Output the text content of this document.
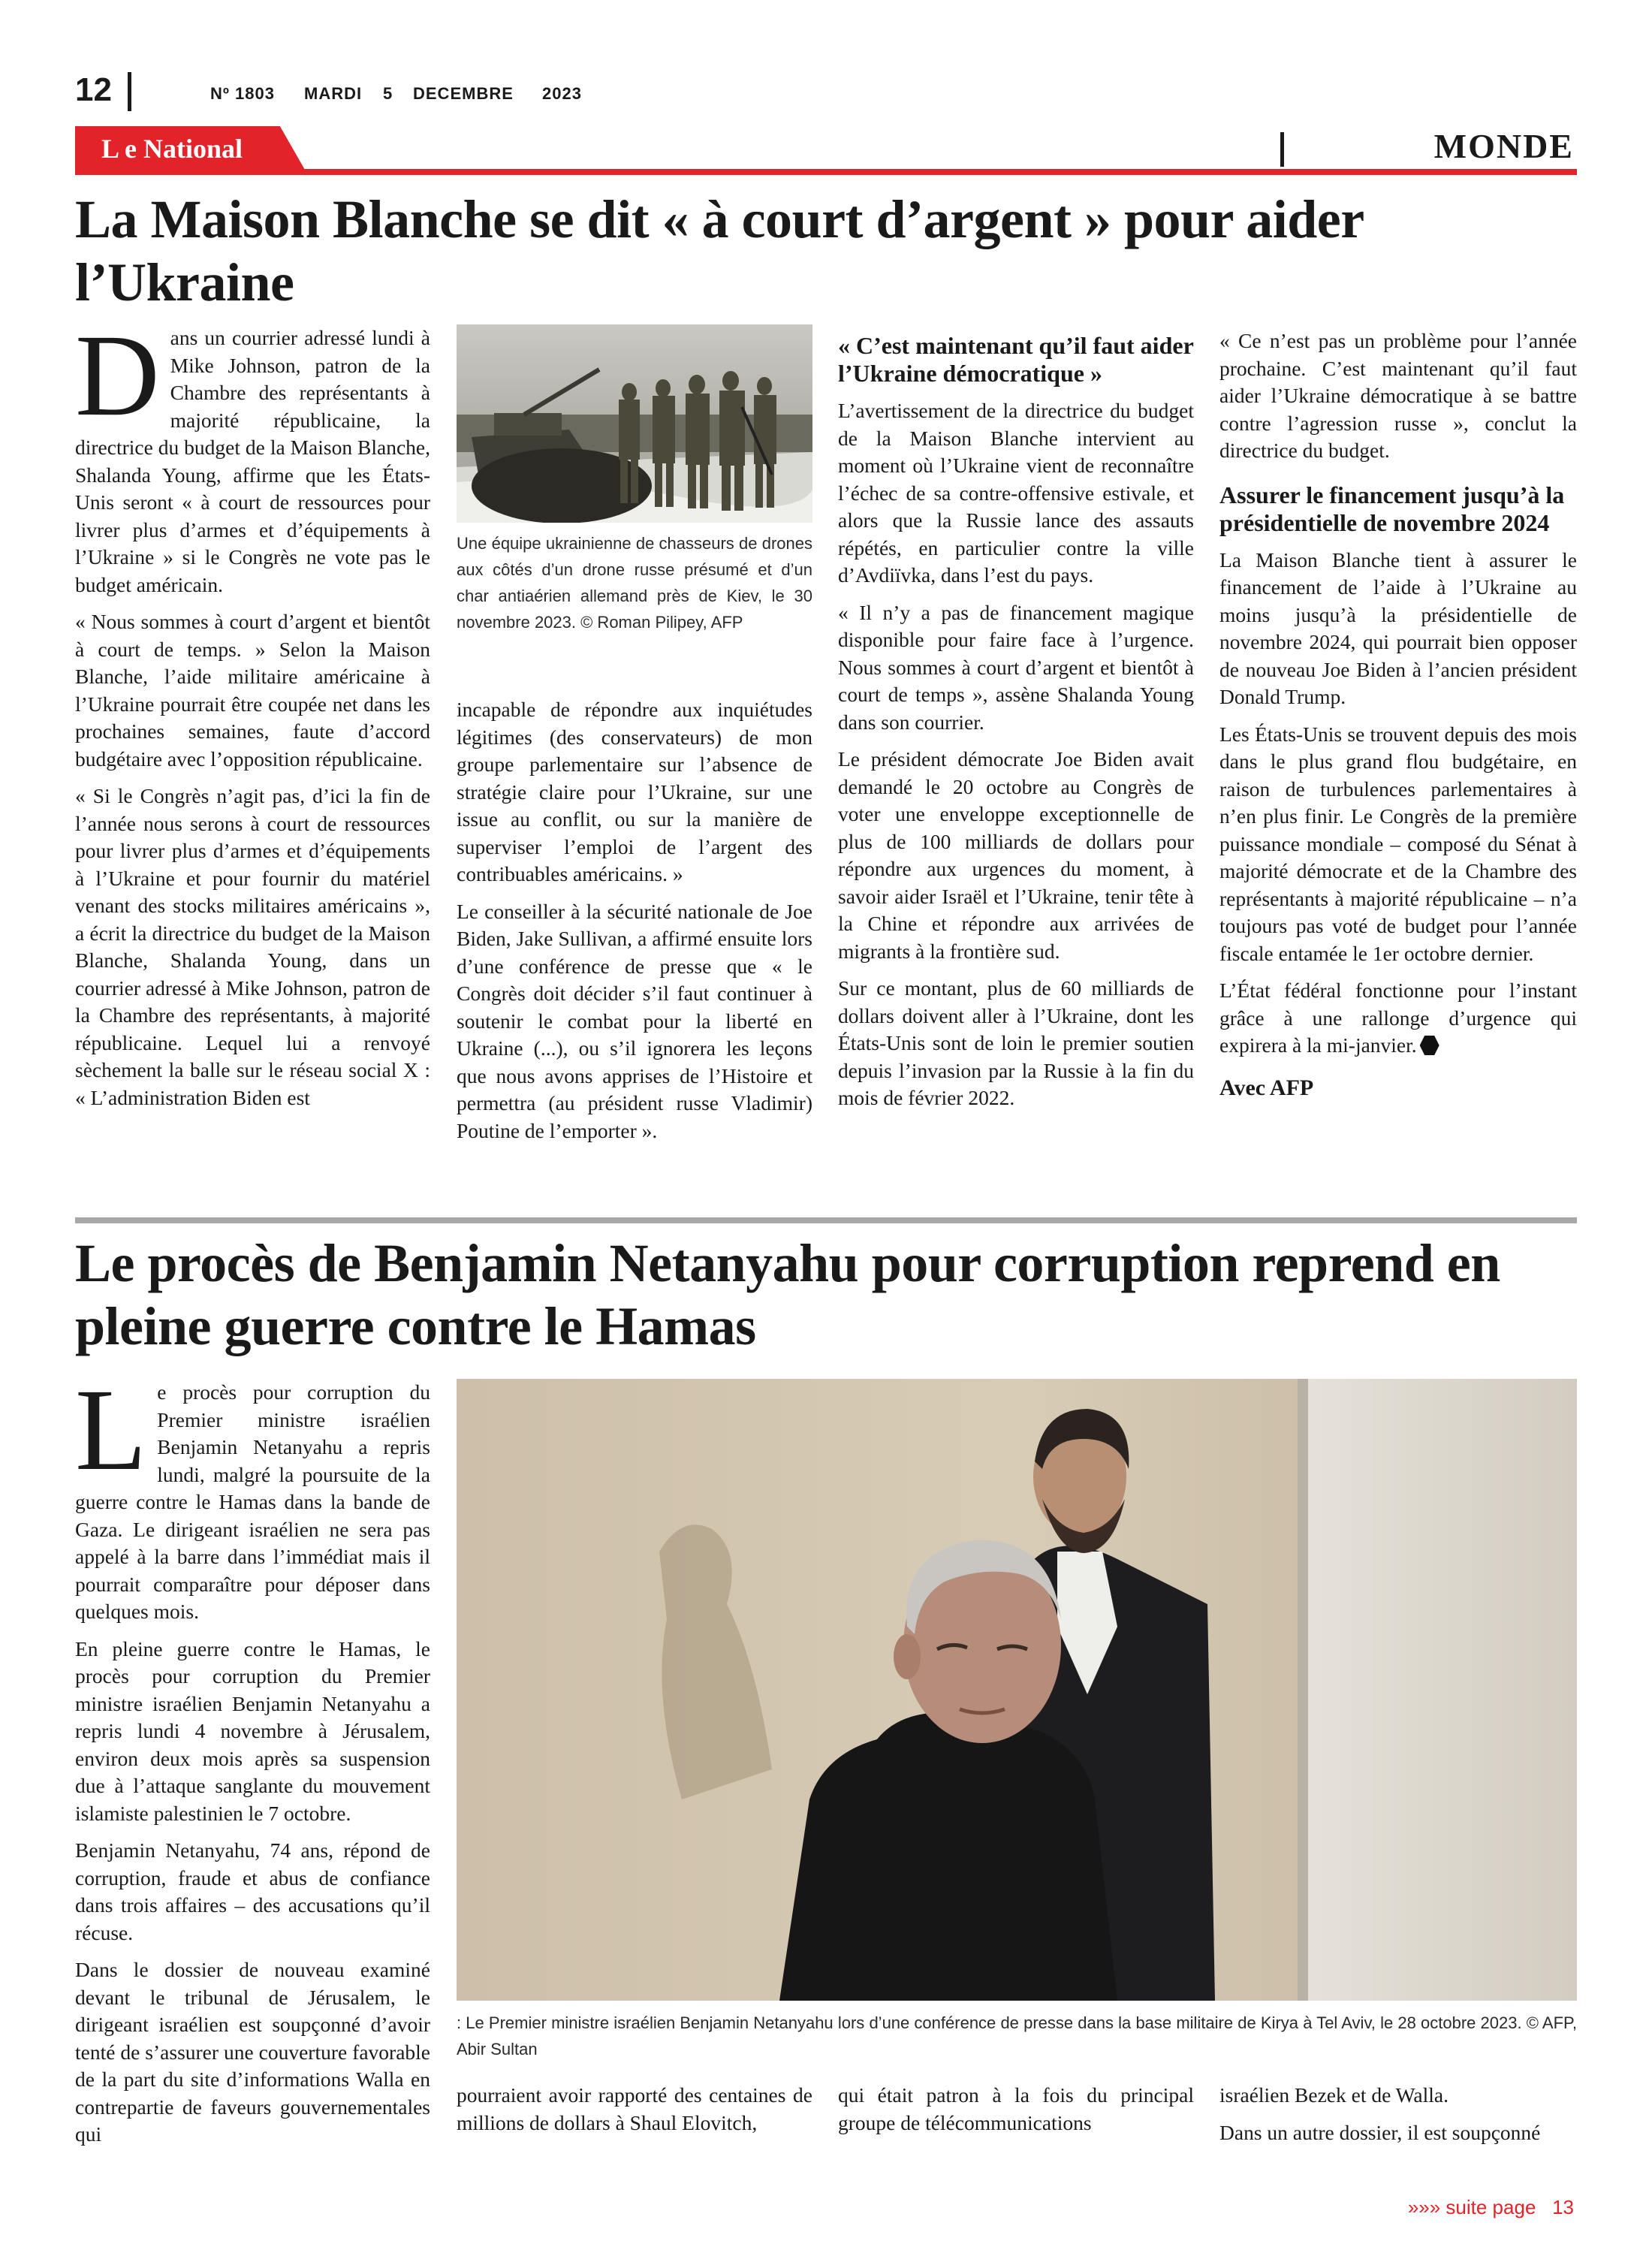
12	Nº 1803 MARDI 5 DECEMBRE 2023
L e National	MONDE
La Maison Blanche se dit « à court d’argent » pour aider l’Ukraine

Dans un courrier adressé lundi à Mike Johnson, patron de la Chambre des représentants à majorité républicaine, la directrice du budget de la Maison Blanche, Shalanda Young, affirme que les États-Unis seront « à court de ressources pour livrer plus d’armes et d’équipements à l’Ukraine » si le Congrès ne vote pas le budget américain.

« Nous sommes à court d’argent et bientôt à court de temps. » Selon la Maison Blanche, l’aide militaire américaine à l’Ukraine pourrait être coupée net dans les prochaines semaines, faute d’accord budgétaire avec l’opposition républicaine.

« Si le Congrès n’agit pas, d’ici la fin de l’année nous serons à court de ressources pour livrer plus d’armes et d’équipements à l’Ukraine et pour fournir du matériel venant des stocks militaires américains », a écrit la directrice du budget de la Maison Blanche, Shalanda Young, dans un courrier adressé à Mike Johnson, patron de la Chambre des représentants, à majorité républicaine. Lequel lui a renvoyé sèchement la balle sur le réseau social X : « L’administration Biden est

Une équipe ukrainienne de chasseurs de drones aux côtés d’un drone russe présumé et d’un char antiaérien allemand près de Kiev, le 30 novembre 2023. © Roman Pilipey, AFP

incapable de répondre aux inquiétudes légitimes (des conservateurs) de mon groupe parlementaire sur l’absence de stratégie claire pour l’Ukraine, sur une issue au conflit, ou sur la manière de superviser l’emploi de l’argent des contribuables américains. »

Le conseiller à la sécurité nationale de Joe Biden, Jake Sullivan, a affirmé ensuite lors d’une conférence de presse que « le Congrès doit décider s’il faut continuer à soutenir le combat pour la liberté en Ukraine (...), ou s’il ignorera les leçons que nous avons apprises de l’Histoire et permettra (au président russe Vladimir) Poutine de l’emporter ».

« C’est maintenant qu’il faut aider l’Ukraine démocratique »

L’avertissement de la directrice du budget de la Maison Blanche intervient au moment où l’Ukraine vient de reconnaître l’échec de sa contre-offensive estivale, et alors que la Russie lance des assauts répétés, en particulier contre la ville d’Avdiïvka, dans l’est du pays.

« Il n’y a pas de financement magique disponible pour faire face à l’urgence. Nous sommes à court d’argent et bientôt à court de temps », assène Shalanda Young dans son courrier.

Le président démocrate Joe Biden avait demandé le 20 octobre au Congrès de voter une enveloppe exceptionnelle de plus de 100 milliards de dollars pour répondre aux urgences du moment, à savoir aider Israël et l’Ukraine, tenir tête à la Chine et répondre aux arrivées de migrants à la frontière sud.

Sur ce montant, plus de 60 milliards de dollars doivent aller à l’Ukraine, dont les États-Unis sont de loin le premier soutien depuis l’invasion par la Russie à la fin du mois de février 2022.

« Ce n’est pas un problème pour l’année prochaine. C’est maintenant qu’il faut aider l’Ukraine démocratique à se battre contre l’agression russe », conclut la directrice du budget.

Assurer le financement jusqu’à la présidentielle de novembre 2024

La Maison Blanche tient à assurer le financement de l’aide à l’Ukraine au moins jusqu’à la présidentielle de novembre 2024, qui pourrait bien opposer de nouveau Joe Biden à l’ancien président Donald Trump.

Les États-Unis se trouvent depuis des mois dans le plus grand flou budgétaire, en raison de turbulences parlementaires à n’en plus finir. Le Congrès de la première puissance mondiale – composé du Sénat à majorité démocrate et de la Chambre des représentants à majorité républicaine – n’a toujours pas voté de budget pour l’année fiscale entamée le 1er octobre dernier.

L’État fédéral fonctionne pour l’instant grâce à une rallonge d’urgence qui expirera à la mi-janvier.

Avec AFP

Le procès de Benjamin Netanyahu pour corruption reprend en pleine guerre contre le Hamas

Le procès pour corruption du Premier ministre israélien Benjamin Netanyahu a repris lundi, malgré la poursuite de la guerre contre le Hamas dans la bande de Gaza. Le dirigeant israélien ne sera pas appelé à la barre dans l’immédiat mais il pourrait comparaître pour déposer dans quelques mois.

En pleine guerre contre le Hamas, le procès pour corruption du Premier ministre israélien Benjamin Netanyahu a repris lundi 4 novembre à Jérusalem, environ deux mois après sa suspension due à l’attaque sanglante du mouvement islamiste palestinien le 7 octobre.

Benjamin Netanyahu, 74 ans, répond de corruption, fraude et abus de confiance dans trois affaires – des accusations qu’il récuse.

Dans le dossier de nouveau examiné devant le tribunal de Jérusalem, le dirigeant israélien est soupçonné d’avoir tenté de s’assurer une couverture favorable de la part du site d’informations Walla en contrepartie de faveurs gouvernementales qui

: Le Premier ministre israélien Benjamin Netanyahu lors d’une conférence de presse dans la base militaire de Kirya à Tel Aviv, le 28 octobre 2023. © AFP, Abir Sultan

pourraient avoir rapporté des centaines de millions de dollars à Shaul Elovitch,

qui était patron à la fois du principal groupe de télécommunications

israélien Bezek et de Walla.

Dans un autre dossier, il est soupçonné

»»» suite page 13
